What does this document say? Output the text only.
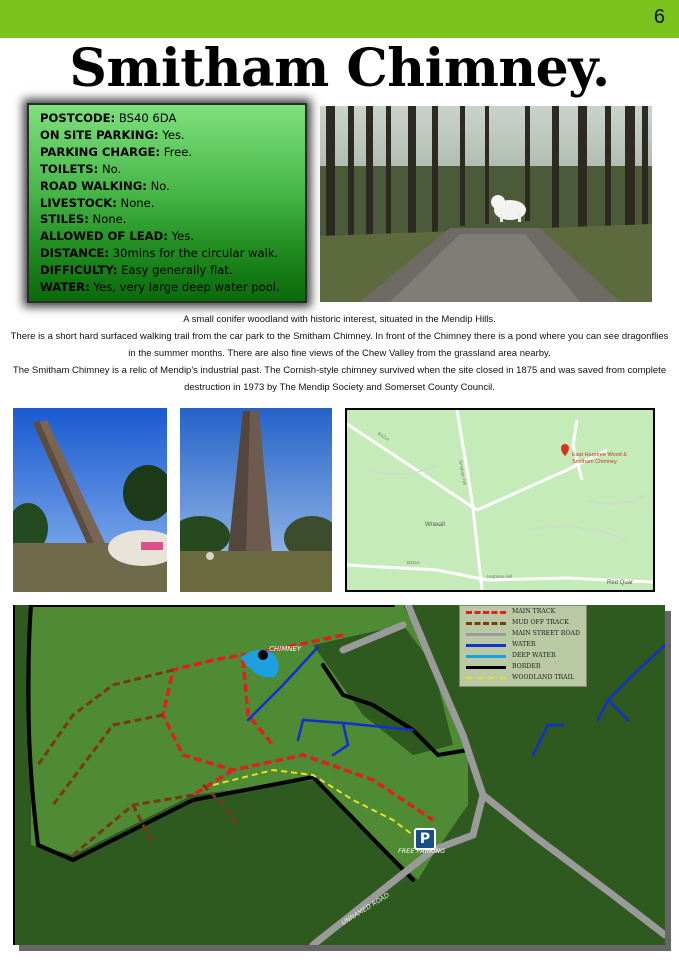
6
Smitham Chimney.
POSTCODE: BS40 6DA
ON SITE PARKING: Yes.
PARKING CHARGE: Free.
TOILETS: No.
ROAD WALKING: No.
LIVESTOCK: None.
STILES: None.
ALLOWED OF LEAD: Yes.
DISTANCE: 30mins for the circular walk.
DIFFICULTY: Easy generally flat.
WATER: Yes, very large deep water pool.

A small conifer woodland with historic interest, situated in the Mendip Hills.

There is a short hard surfaced walking trail from the car park to the Smitham Chimney. In front of the Chimney there is a pond where you can see dragonflies in the summer months. There are also fine views of the Chew Valley from the grassland area nearby.

The Smitham Chimney is a relic of Mendip's industrial past. The Cornish-style chimney survived when the site closed in 1875 and was saved from complete destruction in 1973 by The Mendip Society and Somerset County Council.

East Harptree Wood & Smitham Chimney
Wraxall
Red Quar
B3114
Smitham Hill
B3114
Harptree Hill
MAIN TRACK
MUD OFF TRACK
MAIN STREET ROAD
WATER
DEEP WATER
BORDER
WOODLAND TRAIL
CHIMNEY
P
FREE PARKING
UNNAMED ROAD
